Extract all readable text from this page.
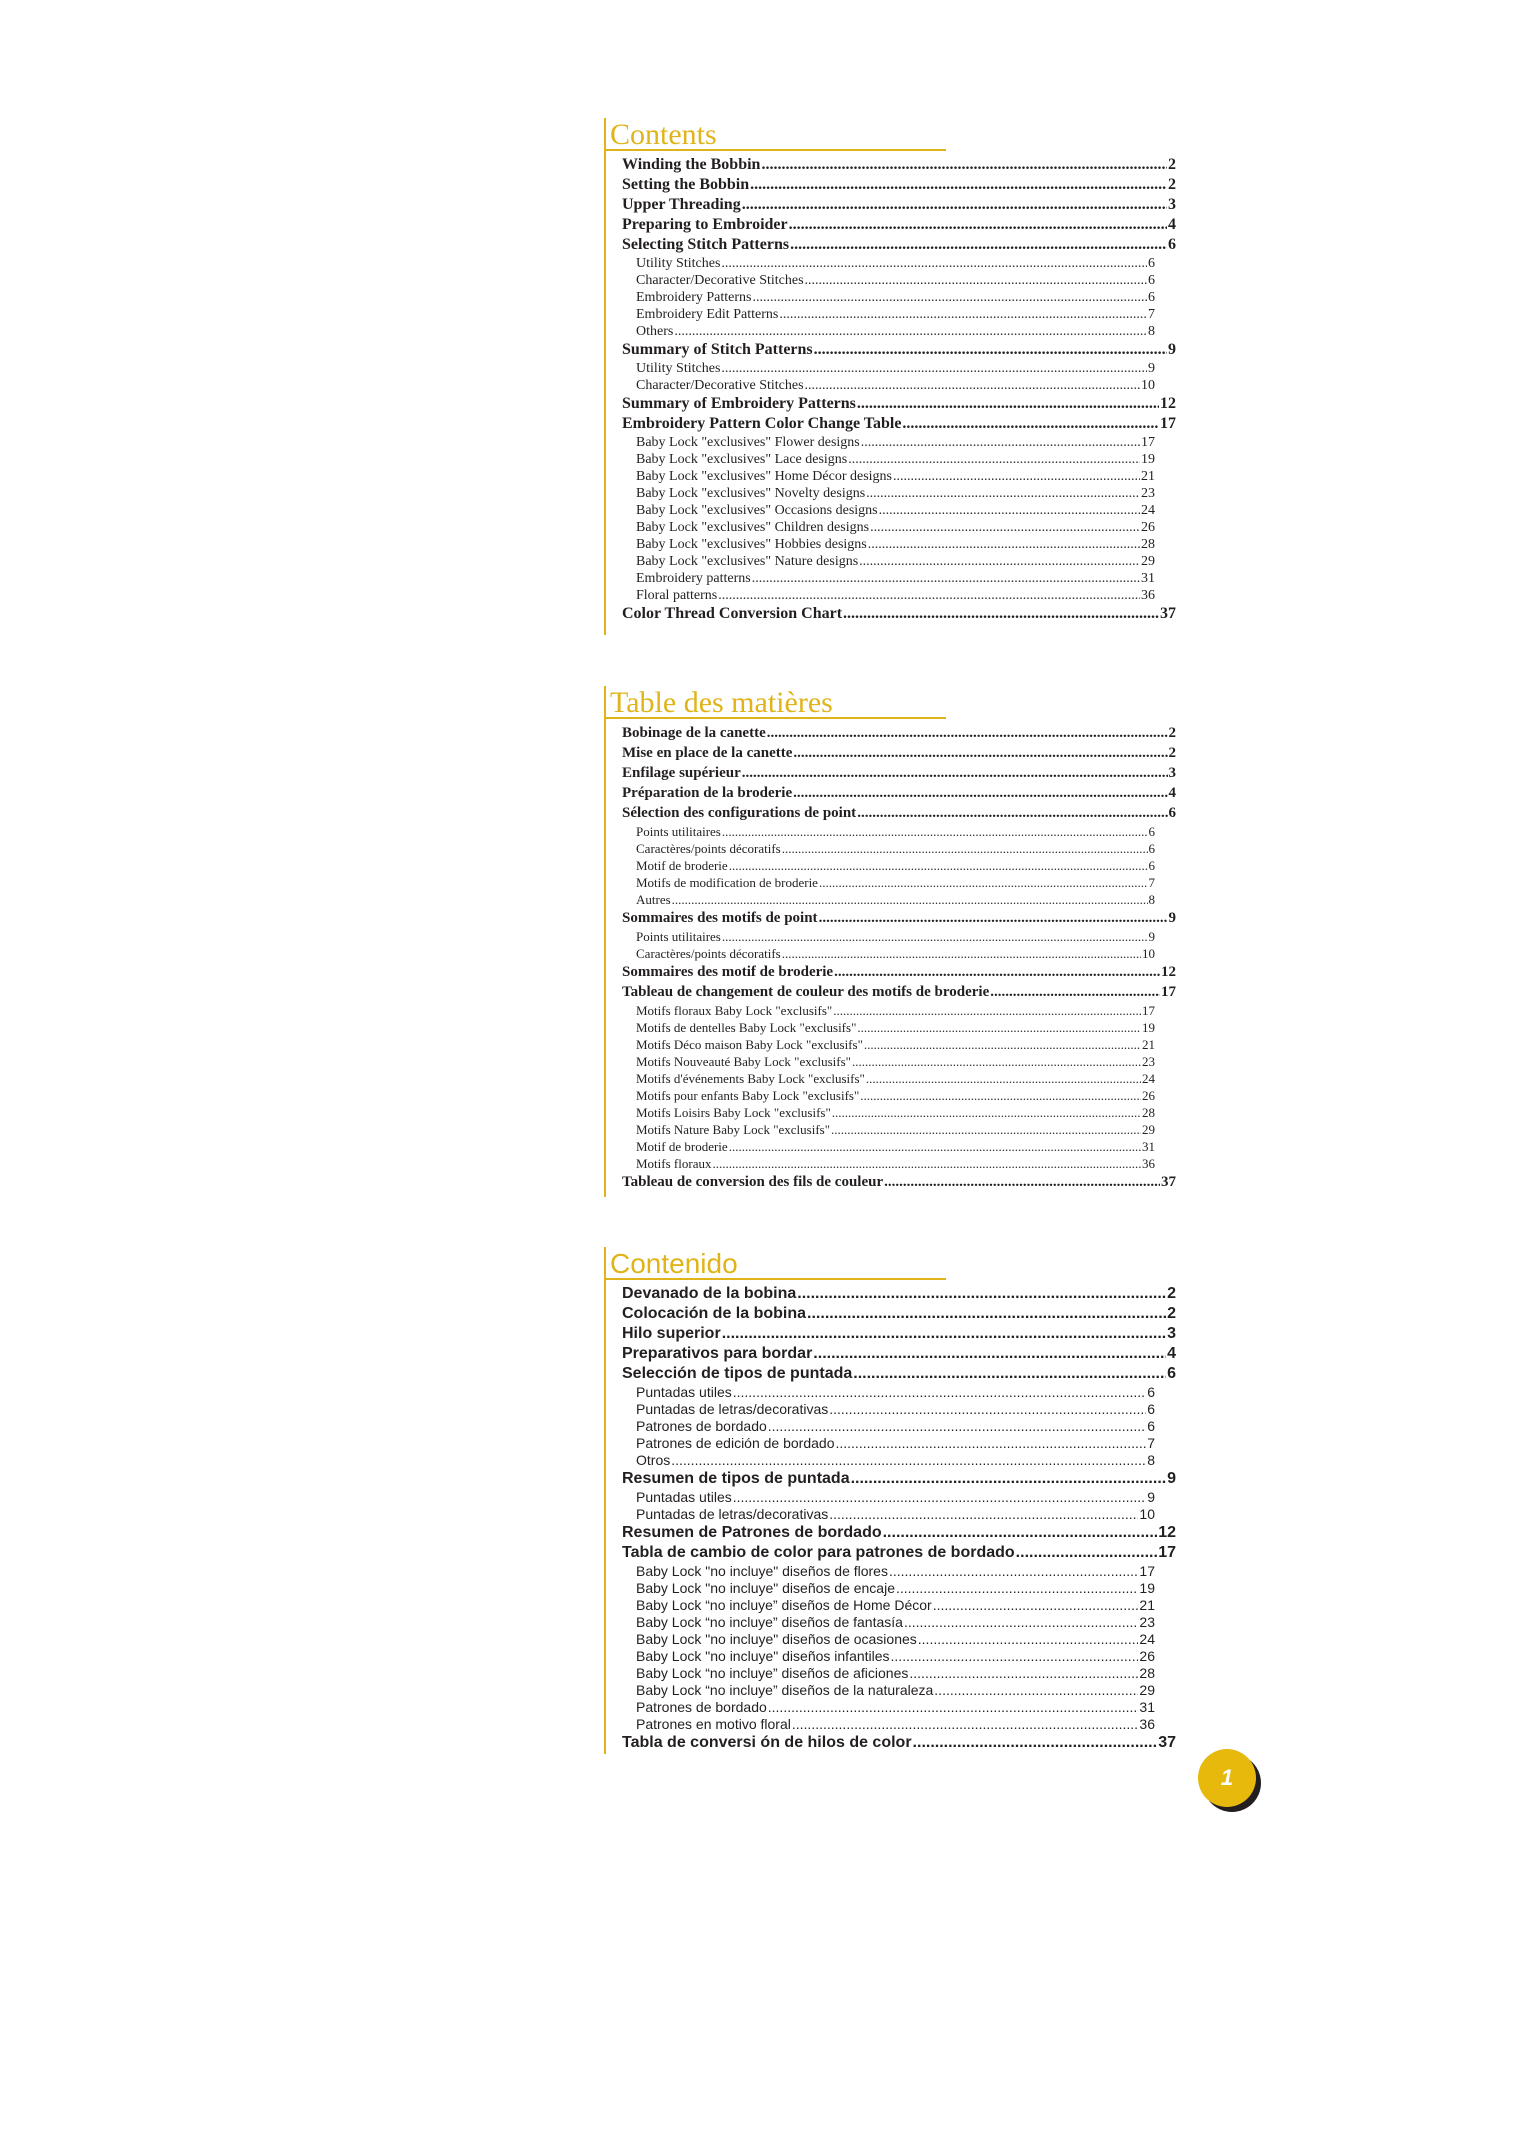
Contents
Winding the Bobbin .....	2
Setting the Bobbin .....	2
Upper Threading .....	3
Preparing to Embroider .....	4
Selecting Stitch Patterns .....	6
Utility Stitches .....	6
Character/Decorative Stitches .....	6
Embroidery Patterns .....	6
Embroidery Edit Patterns .....	7
Others .....	8
Summary of Stitch Patterns .....	9
Utility Stitches .....	9
Character/Decorative Stitches .....	10
Summary of Embroidery Patterns .....	12
Embroidery Pattern Color Change Table .....	17
Baby Lock "exclusives" Flower designs .....	17
Baby Lock "exclusives" Lace designs .....	19
Baby Lock "exclusives" Home Décor designs .....	21
Baby Lock "exclusives" Novelty designs .....	23
Baby Lock "exclusives" Occasions designs .....	24
Baby Lock "exclusives" Children designs .....	26
Baby Lock "exclusives" Hobbies designs .....	28
Baby Lock "exclusives" Nature designs .....	29
Embroidery patterns .....	31
Floral patterns .....	36
Color Thread Conversion Chart .....	37
Table des matières
Bobinage de la canette .....	2
Mise en place de la canette .....	2
Enfilage supérieur .....	3
Préparation de la broderie .....	4
Sélection des configurations de point .....	6
Points utilitaires .....	6
Caractères/points décoratifs .....	6
Motif de broderie .....	6
Motifs de modification de broderie .....	7
Autres .....	8
Sommaires des motifs de point .....	9
Points utilitaires .....	9
Caractères/points décoratifs .....	10
Sommaires des motif de broderie .....	12
Tableau de changement de couleur des motifs de broderie .....	17
Motifs floraux Baby Lock "exclusifs" .....	17
Motifs de dentelles Baby Lock "exclusifs" .....	19
Motifs Déco maison Baby Lock "exclusifs" .....	21
Motifs Nouveauté Baby Lock "exclusifs" .....	23
Motifs d'événements Baby Lock "exclusifs" .....	24
Motifs pour enfants Baby Lock "exclusifs" .....	26
Motifs Loisirs Baby Lock "exclusifs" .....	28
Motifs Nature Baby Lock "exclusifs" .....	29
Motif de broderie .....	31
Motifs floraux .....	36
Tableau de conversion des fils de couleur .....	37
Contenido
Devanado de la bobina .....	2
Colocación de la bobina .....	2
Hilo superior .....	3
Preparativos para bordar .....	4
Selección de tipos de puntada .....	6
Puntadas utiles .....	6
Puntadas de letras/decorativas .....	6
Patrones de bordado .....	6
Patrones de edición de bordado .....	7
Otros .....	8
Resumen de tipos de puntada .....	9
Puntadas utiles .....	9
Puntadas de letras/decorativas .....	10
Resumen de Patrones de bordado .....	12
Tabla de cambio de color para patrones de bordado .....	17
Baby Lock "no incluye" diseños de flores .....	17
Baby Lock "no incluye" diseños de encaje .....	19
Baby Lock “no incluye” diseños de Home Décor .....	21
Baby Lock “no incluye” diseños de fantasía .....	23
Baby Lock "no incluye" diseños de ocasiones .....	24
Baby Lock "no incluye" diseños infantiles .....	26
Baby Lock “no incluye” diseños de aficiones .....	28
Baby Lock “no incluye” diseños de la naturaleza .....	29
Patrones de bordado .....	31
Patrones en motivo floral .....	36
Tabla de conversi ón de hilos de color .....	37
1
